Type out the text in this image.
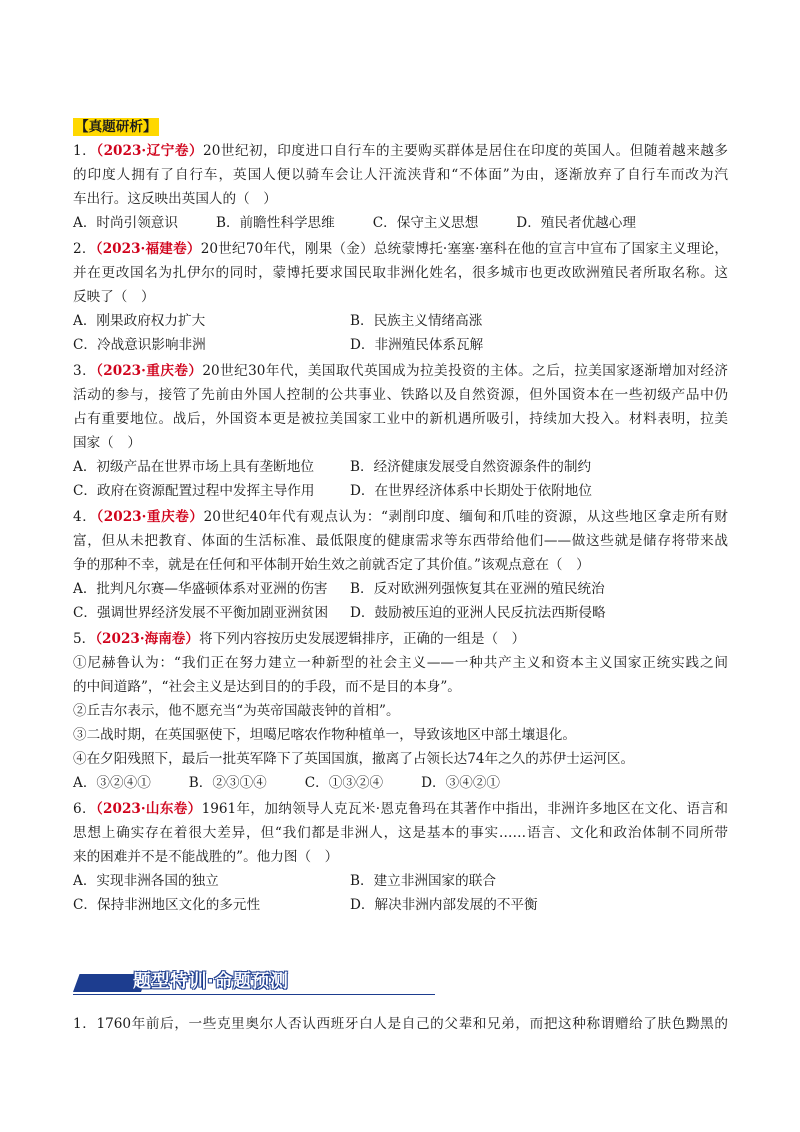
【真题研析】
1．（2023·辽宁卷）20世纪初，印度进口自行车的主要购买群体是居住在印度的英国人。但随着越来越多
的印度人拥有了自行车，英国人便以骑车会让人汗流浃背和“不体面”为由，逐渐放弃了自行车而改为汽
车出行。这反映出英国人的（　）
A．时尚引领意识	B．前瞻性科学思维	C．保守主义思想	D．殖民者优越心理
2．（2023·福建卷）20世纪70年代，刚果（金）总统蒙博托·塞塞·塞科在他的宣言中宣布了国家主义理论，
并在更改国名为扎伊尔的同时，蒙博托要求国民取非洲化姓名，很多城市也更改欧洲殖民者所取名称。这
反映了（　）
A．刚果政府权力扩大	B．民族主义情绪高涨
C．冷战意识影响非洲	D．非洲殖民体系瓦解
3．（2023·重庆卷）20世纪30年代，美国取代英国成为拉美投资的主体。之后，拉美国家逐渐增加对经济
活动的参与，接管了先前由外国人控制的公共事业、铁路以及自然资源，但外国资本在一些初级产品中仍
占有重要地位。战后，外国资本更是被拉美国家工业中的新机遇所吸引，持续加大投入。材料表明，拉美
国家（　）
A．初级产品在世界市场上具有垄断地位	B．经济健康发展受自然资源条件的制约
C．政府在资源配置过程中发挥主导作用	D．在世界经济体系中长期处于依附地位
4．（2023·重庆卷）20世纪40年代有观点认为：“剥削印度、缅甸和爪哇的资源，从这些地区拿走所有财
富，但从未把教育、体面的生活标准、最低限度的健康需求等东西带给他们——做这些就是储存将带来战
争的那种不幸，就是在任何和平体制开始生效之前就否定了其价值。”该观点意在（　）
A．批判凡尔赛—华盛顿体系对亚洲的伤害	B．反对欧洲列强恢复其在亚洲的殖民统治
C．强调世界经济发展不平衡加剧亚洲贫困	D．鼓励被压迫的亚洲人民反抗法西斯侵略
5．（2023·海南卷）将下列内容按历史发展逻辑排序，正确的一组是（　）
①尼赫鲁认为：“我们正在努力建立一种新型的社会主义——一种共产主义和资本主义国家正统实践之间
的中间道路”，“社会主义是达到目的的手段，而不是目的本身”。
②丘吉尔表示，他不愿充当“为英帝国敲丧钟的首相”。
③二战时期，在英国驱使下，坦噶尼喀农作物种植单一，导致该地区中部土壤退化。
④在夕阳残照下，最后一批英军降下了英国国旗，撤离了占领长达74年之久的苏伊士运河区。
A．③②④①	B．②③①④	C．①③②④	D．③④②①
6．（2023·山东卷）1961年，加纳领导人克瓦米·恩克鲁玛在其著作中指出，非洲许多地区在文化、语言和
思想上确实存在着很大差异，但“我们都是非洲人，这是基本的事实……语言、文化和政治体制不同所带
来的困难并不是不能战胜的”。他力图（　）
A．实现非洲各国的独立	B．建立非洲国家的联合
C．保持非洲地区文化的多元性	D．解决非洲内部发展的不平衡
题型特训·命题预测
1．1760年前后，一些克里奥尔人否认西班牙白人是自己的父辈和兄弟，而把这种称谓赠给了肤色黝黑的
